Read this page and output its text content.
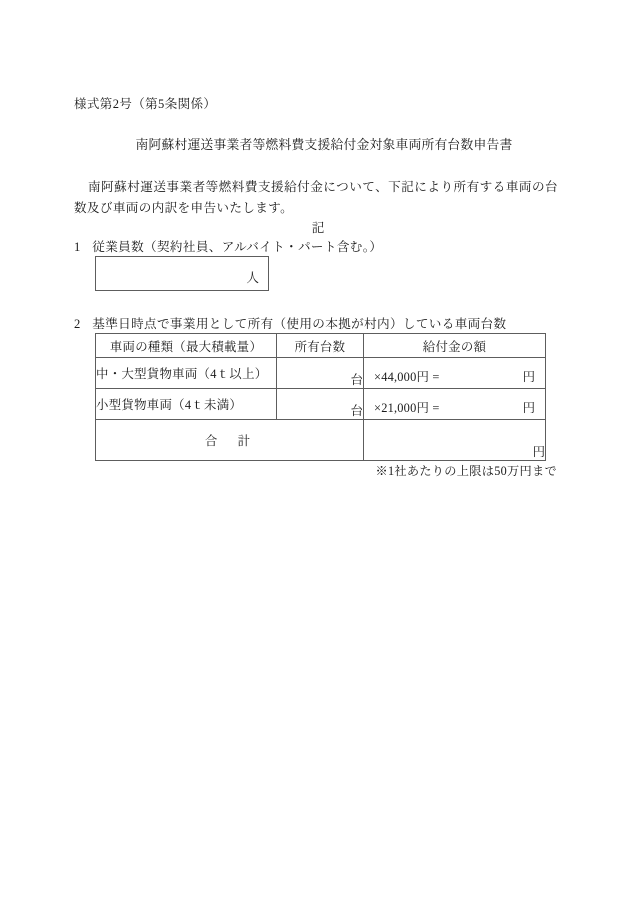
様式第2号（第5条関係）
南阿蘇村運送事業者等燃料費支援給付金対象車両所有台数申告書
南阿蘇村運送事業者等燃料費支援給付金について、下記により所有する車両の台数及び車両の内訳を申告いたします。
記
1 従業員数（契約社員、アルバイト・パート含む。）
人
2 基準日時点で事業用として所有（使用の本拠が村内）している車両台数
車両の種類（最大積載量）	所有台数	給付金の額
中・大型貨物車両（4ｔ以上）	台	×44,000円 = 円

小型貨物車両（4ｔ未満）	台	×21,000円 = 円

合　計		円
※1社あたりの上限は50万円まで
